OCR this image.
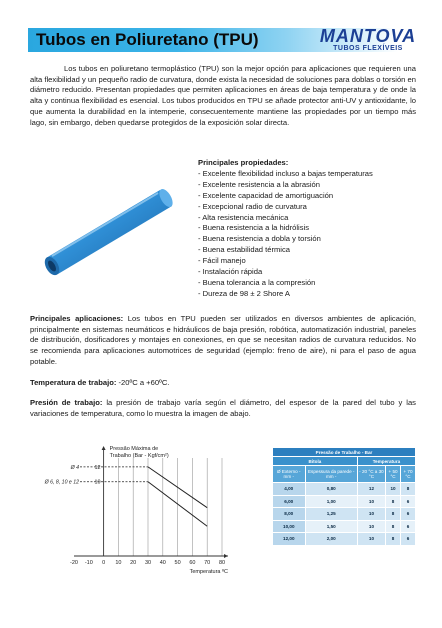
Tubos en Poliuretano (TPU)	MANTOVA
TUBOS FLEXÍVEIS

Los tubos en poliuretano termoplástico (TPU) son la mejor opción para aplicaciones que requieren una alta flexibilidad y un pequeño radio de curvatura, donde exista la necesidad de soluciones para doblas o torsión en diámetro reducido. Presentan propiedades que permiten aplicaciones en áreas de baja temperatura y de onde la alta y continua flexibilidad es esencial. Los tubos producidos en TPU se añade protector anti-UV y antioxidante, lo que aumenta la durabilidad en la intemperie, consecuentemente mantiene las propiedades por un tiempo más lago, sin embargo, deben quedarse protegidos de la exposición solar directa.

Principales propiedades:
- Excelente flexibilidad incluso a bajas temperaturas
- Excelente resistencia a la abrasión
- Excelente capacidad de amortiguación
- Excepcional radio de curvatura
- Alta resistencia mecánica
- Buena resistencia a la hidrólisis
- Buena resistencia a dobla y torsión
- Buena estabilidad térmica
- Fácil manejo
- Instalación rápida
- Buena tolerancia a la compresión
- Dureza de 98 ± 2 Shore A

Principales aplicaciones: Los tubos en TPU pueden ser utilizados en diversos ambientes de aplicación, principalmente en sistemas neumáticos e hidráulicos de baja presión, robótica, automatización industrial, paneles de distribución, dosificadores y montajes en conexiones, en que se necesitan radios de curvatura reducidos. No se recomienda para aplicaciones automotrices de seguridad (ejemplo: freno de aire), ni para el paso de agua potable.

Temperatura de trabajo: -20ºC a +60ºC.

Presión de trabajo: la presión de trabajo varía según el diámetro, del espesor de la pared del tubo y las variaciones de temperatura, como lo muestra la imagen de abajo.

-20 -10 0 10 20 30 40 50 60 70 80
10
12
Ø 4
Ø 6, 8, 10 e 12
Pressão Máxima de
Trabalho (Bar - Kgf/cm²)
Temperatura ºC
Pressão de Trabalho - Bar				
Bitola		Temperatura		
Ø Externo - mm -	Espessura da parede - mm -	- 20 °C a 30 °C	+ 50 °C	+ 70 °C
4,00	0,80	12	10	8
6,00	1,00	10	8	6
8,00	1,25	10	8	6
10,00	1,50	10	8	6
12,00	2,00	10	8	6
